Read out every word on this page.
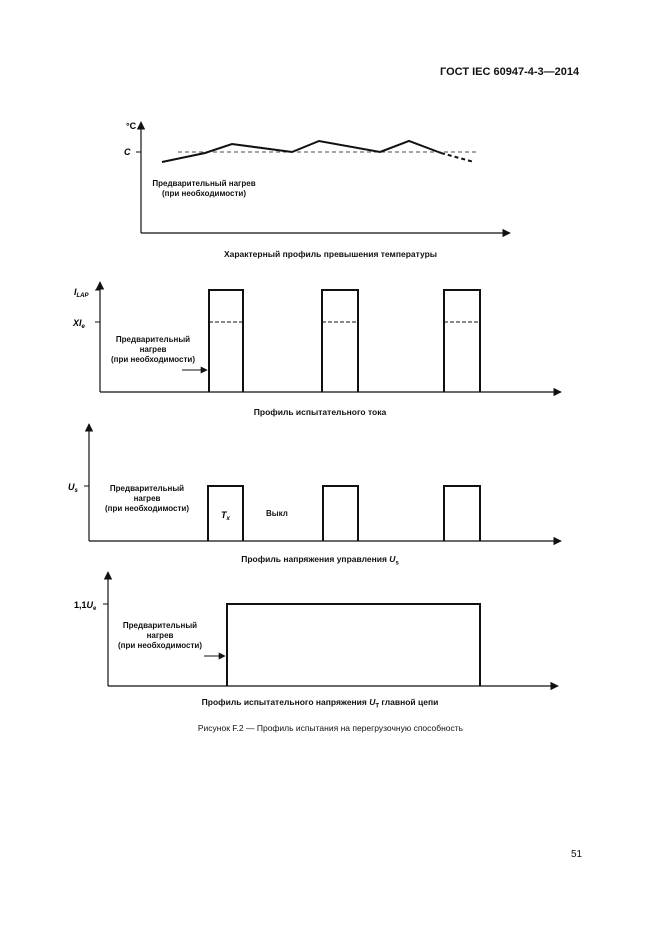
ГОСТ IEC 60947-4-3—2014
°C
C
$I_{LAP}$
$XI_e$
$U_s$
$T_x$
$1,1U_e$
Предварительный нагрев
(при необходимости)
Характерный профиль превышения температуры
Предварительный
нагрев
(при необходимости)
Профиль испытательного тока
Предварительный
нагрев
(при необходимости)
Выкл
Профиль напряжения управления $U_s$
Предварительный
нагрев
(при необходимости)
Профиль испытательного напряжения $U_T$ главной цепи
Рисунок F.2 — Профиль испытания на перегрузочную способность
51
